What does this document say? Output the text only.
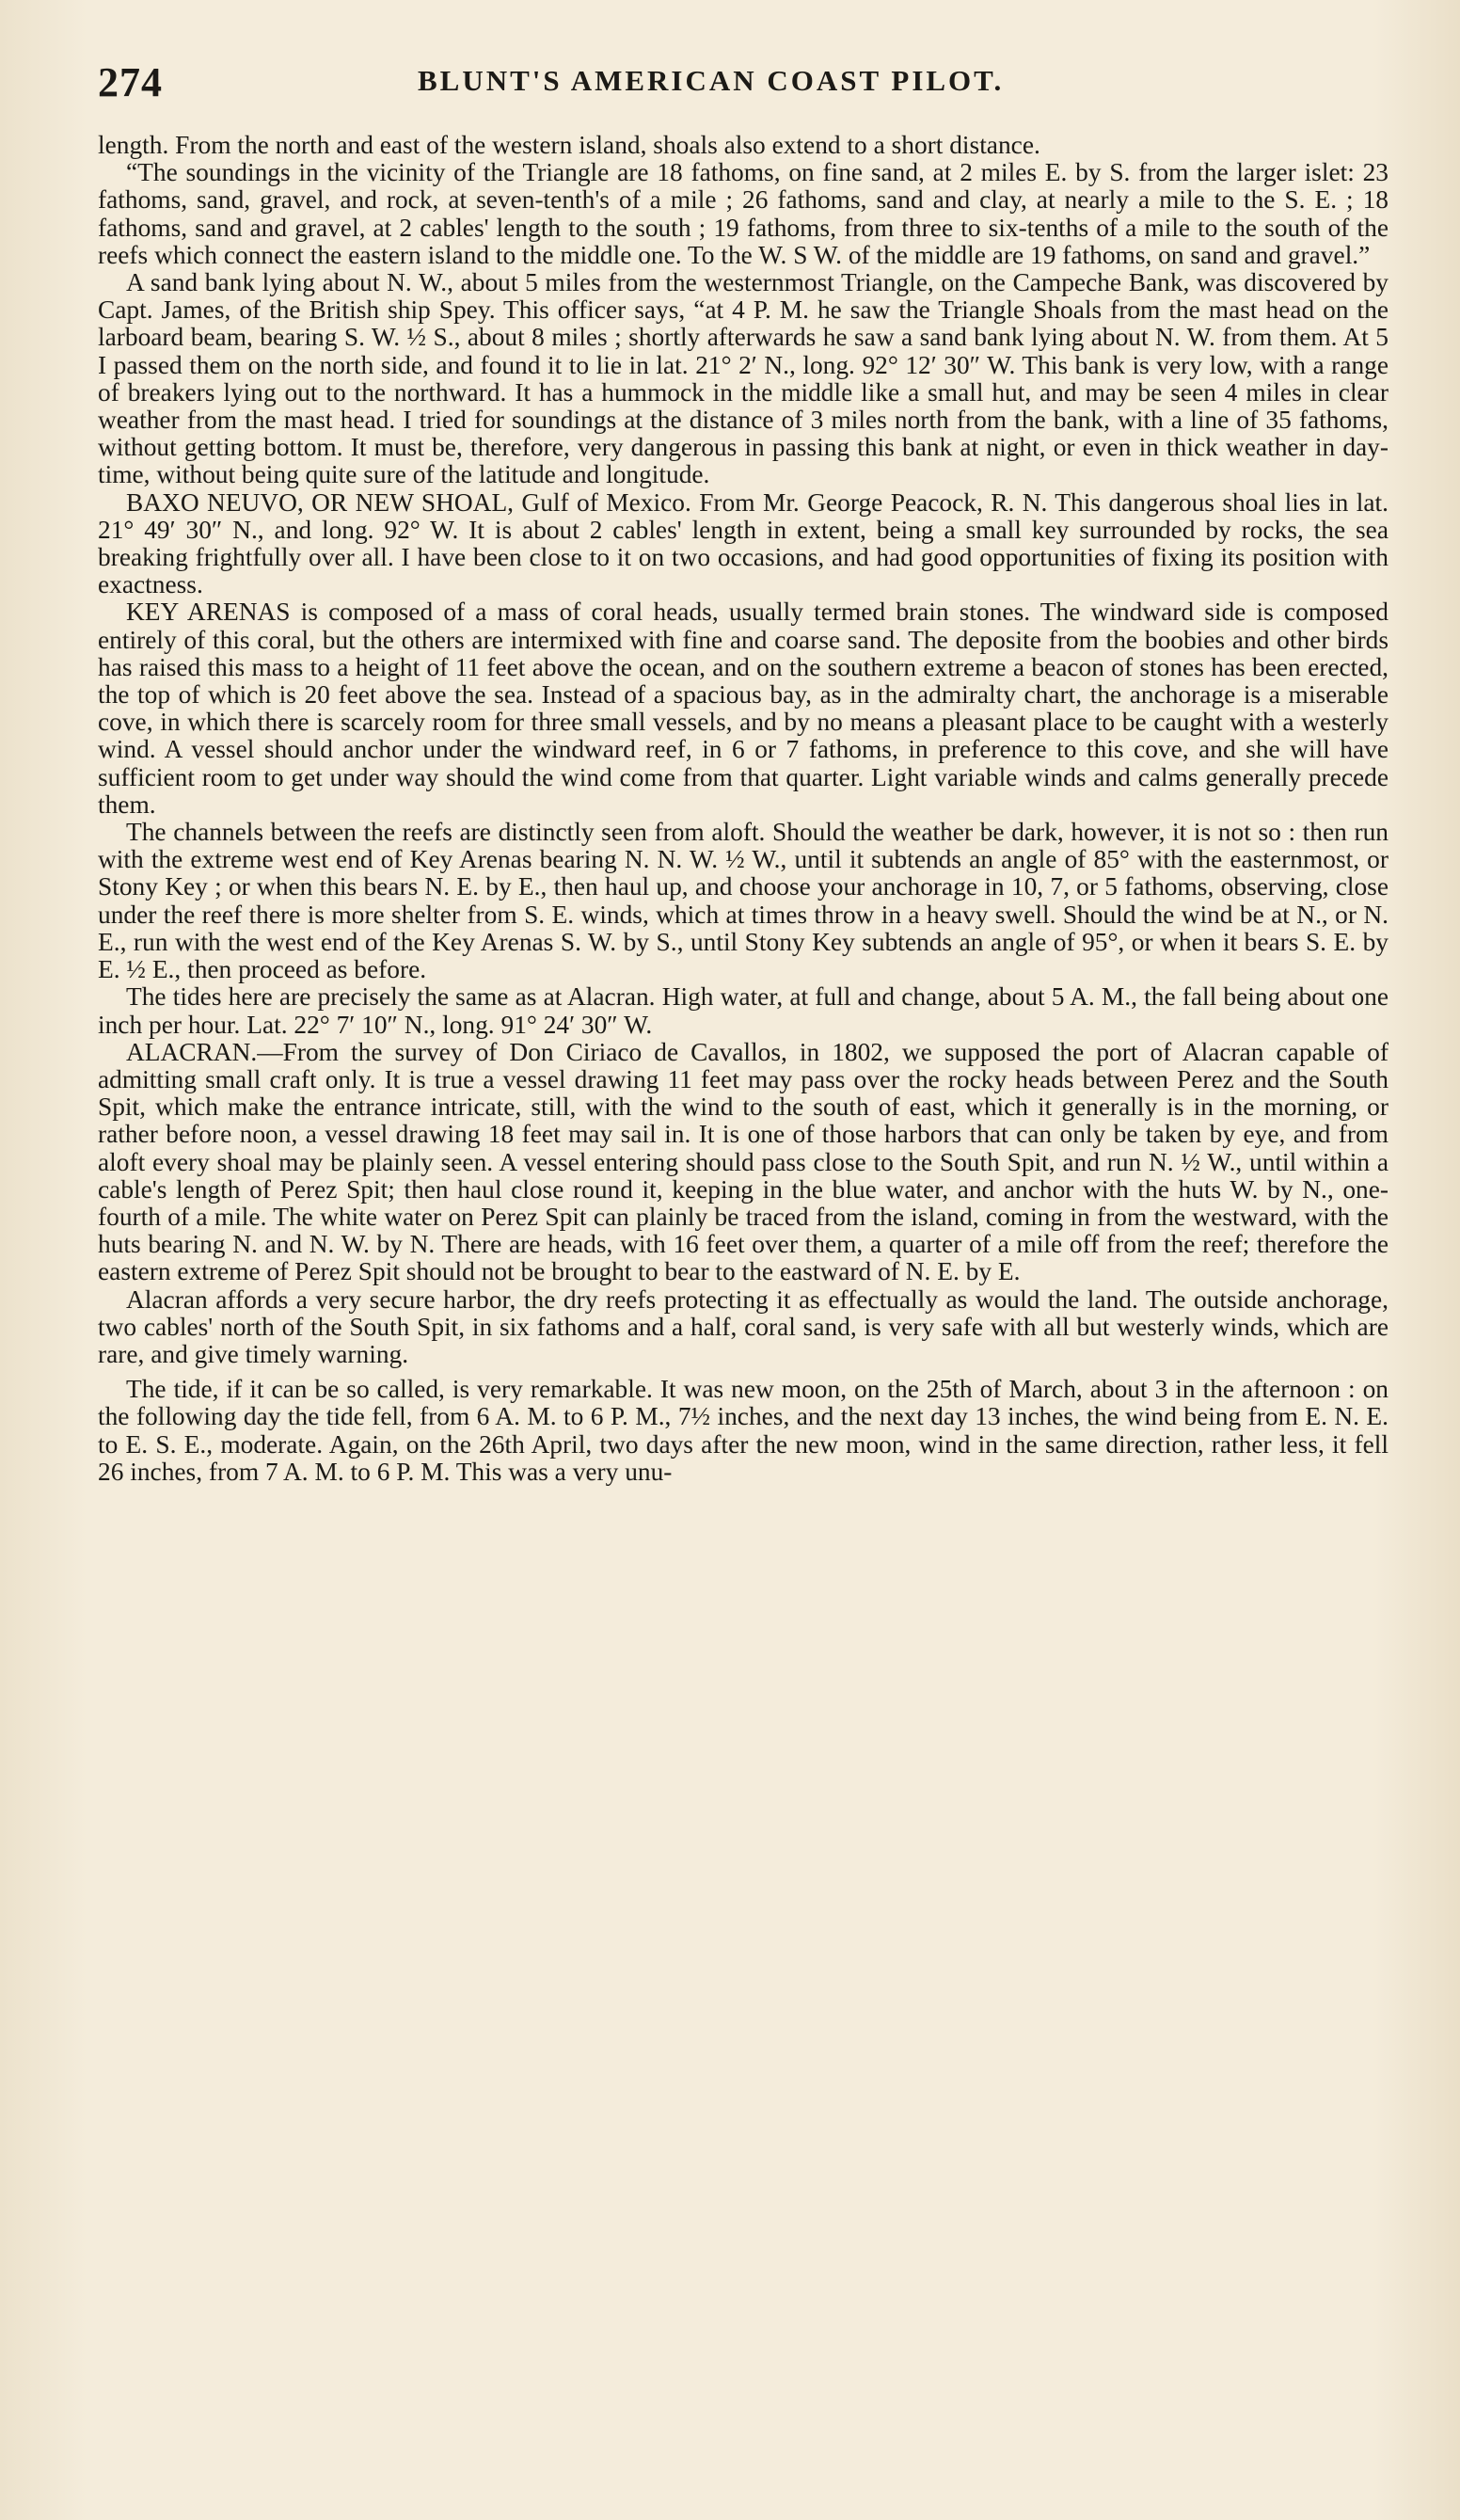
274	BLUNT'S AMERICAN COAST PILOT.

length. From the north and east of the western island, shoals also extend to a short distance.

“The soundings in the vicinity of the Triangle are 18 fathoms, on fine sand, at 2 miles E. by S. from the larger islet: 23 fathoms, sand, gravel, and rock, at seven-tenth's of a mile ; 26 fathoms, sand and clay, at nearly a mile to the S. E. ; 18 fathoms, sand and gravel, at 2 cables' length to the south ; 19 fathoms, from three to six-tenths of a mile to the south of the reefs which connect the eastern island to the middle one. To the W. S W. of the middle are 19 fathoms, on sand and gravel.”

A sand bank lying about N. W., about 5 miles from the westernmost Triangle, on the Campeche Bank, was discovered by Capt. James, of the British ship Spey. This officer says, “at 4 P. M. he saw the Triangle Shoals from the mast head on the larboard beam, bearing S. W. ½ S., about 8 miles ; shortly afterwards he saw a sand bank lying about N. W. from them. At 5 I passed them on the north side, and found it to lie in lat. 21° 2′ N., long. 92° 12′ 30″ W. This bank is very low, with a range of breakers lying out to the northward. It has a hummock in the middle like a small hut, and may be seen 4 miles in clear weather from the mast head. I tried for soundings at the distance of 3 miles north from the bank, with a line of 35 fathoms, without getting bottom. It must be, therefore, very dangerous in passing this bank at night, or even in thick weather in day-time, without being quite sure of the latitude and longitude.

BAXO NEUVO, OR NEW SHOAL, Gulf of Mexico. From Mr. George Peacock, R. N. This dangerous shoal lies in lat. 21° 49′ 30″ N., and long. 92° W. It is about 2 cables' length in extent, being a small key surrounded by rocks, the sea breaking frightfully over all. I have been close to it on two occasions, and had good opportunities of fixing its position with exactness.

KEY ARENAS is composed of a mass of coral heads, usually termed brain stones. The windward side is composed entirely of this coral, but the others are intermixed with fine and coarse sand. The deposite from the boobies and other birds has raised this mass to a height of 11 feet above the ocean, and on the southern extreme a beacon of stones has been erected, the top of which is 20 feet above the sea. Instead of a spacious bay, as in the admiralty chart, the anchorage is a miserable cove, in which there is scarcely room for three small vessels, and by no means a pleasant place to be caught with a westerly wind. A vessel should anchor under the windward reef, in 6 or 7 fathoms, in preference to this cove, and she will have sufficient room to get under way should the wind come from that quarter. Light variable winds and calms generally precede them.

The channels between the reefs are distinctly seen from aloft. Should the weather be dark, however, it is not so : then run with the extreme west end of Key Arenas bearing N. N. W. ½ W., until it subtends an angle of 85° with the easternmost, or Stony Key ; or when this bears N. E. by E., then haul up, and choose your anchorage in 10, 7, or 5 fathoms, observing, close under the reef there is more shelter from S. E. winds, which at times throw in a heavy swell. Should the wind be at N., or N. E., run with the west end of the Key Arenas S. W. by S., until Stony Key subtends an angle of 95°, or when it bears S. E. by E. ½ E., then proceed as before.

The tides here are precisely the same as at Alacran. High water, at full and change, about 5 A. M., the fall being about one inch per hour. Lat. 22° 7′ 10″ N., long. 91° 24′ 30″ W.

ALACRAN.—From the survey of Don Ciriaco de Cavallos, in 1802, we supposed the port of Alacran capable of admitting small craft only. It is true a vessel drawing 11 feet may pass over the rocky heads between Perez and the South Spit, which make the entrance intricate, still, with the wind to the south of east, which it generally is in the morning, or rather before noon, a vessel drawing 18 feet may sail in. It is one of those harbors that can only be taken by eye, and from aloft every shoal may be plainly seen. A vessel entering should pass close to the South Spit, and run N. ½ W., until within a cable's length of Perez Spit; then haul close round it, keeping in the blue water, and anchor with the huts W. by N., one-fourth of a mile. The white water on Perez Spit can plainly be traced from the island, coming in from the westward, with the huts bearing N. and N. W. by N. There are heads, with 16 feet over them, a quarter of a mile off from the reef; therefore the eastern extreme of Perez Spit should not be brought to bear to the eastward of N. E. by E.

Alacran affords a very secure harbor, the dry reefs protecting it as effectually as would the land. The outside anchorage, two cables' north of the South Spit, in six fathoms and a half, coral sand, is very safe with all but westerly winds, which are rare, and give timely warning.

The tide, if it can be so called, is very remarkable. It was new moon, on the 25th of March, about 3 in the afternoon : on the following day the tide fell, from 6 A. M. to 6 P. M., 7½ inches, and the next day 13 inches, the wind being from E. N. E. to E. S. E., moderate. Again, on the 26th April, two days after the new moon, wind in the same direction, rather less, it fell 26 inches, from 7 A. M. to 6 P. M. This was a very unu-
